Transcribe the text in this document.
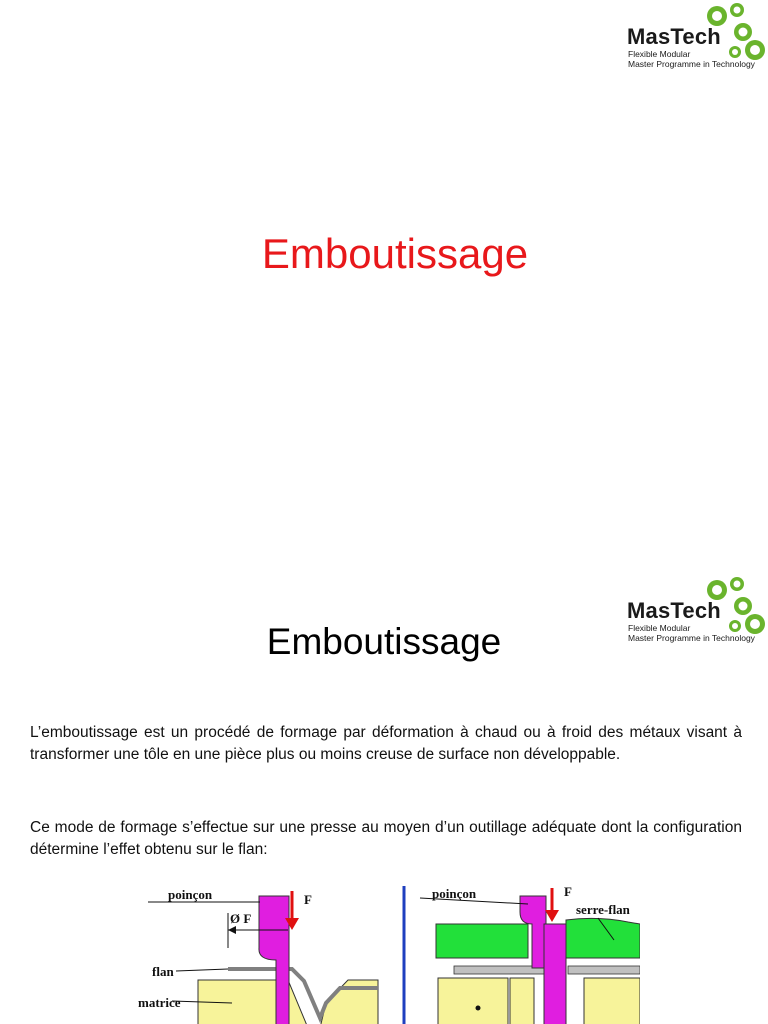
MasTech
Flexible Modular
Master Programme in Technology
Emboutissage
MasTech
Flexible Modular
Master Programme in Technology
Emboutissage
L’emboutissage est un procédé de formage par déformation à chaud ou à froid des métaux visant à transformer une tôle en une pièce plus ou moins creuse de surface non développable.
Ce mode de formage s’effectue sur une presse au moyen d’un outillage adéquate dont la configuration détermine l’effet obtenu sur le flan:
poinçon	F
Ø F
flan
matrice
poinçon	F
serre-flan
